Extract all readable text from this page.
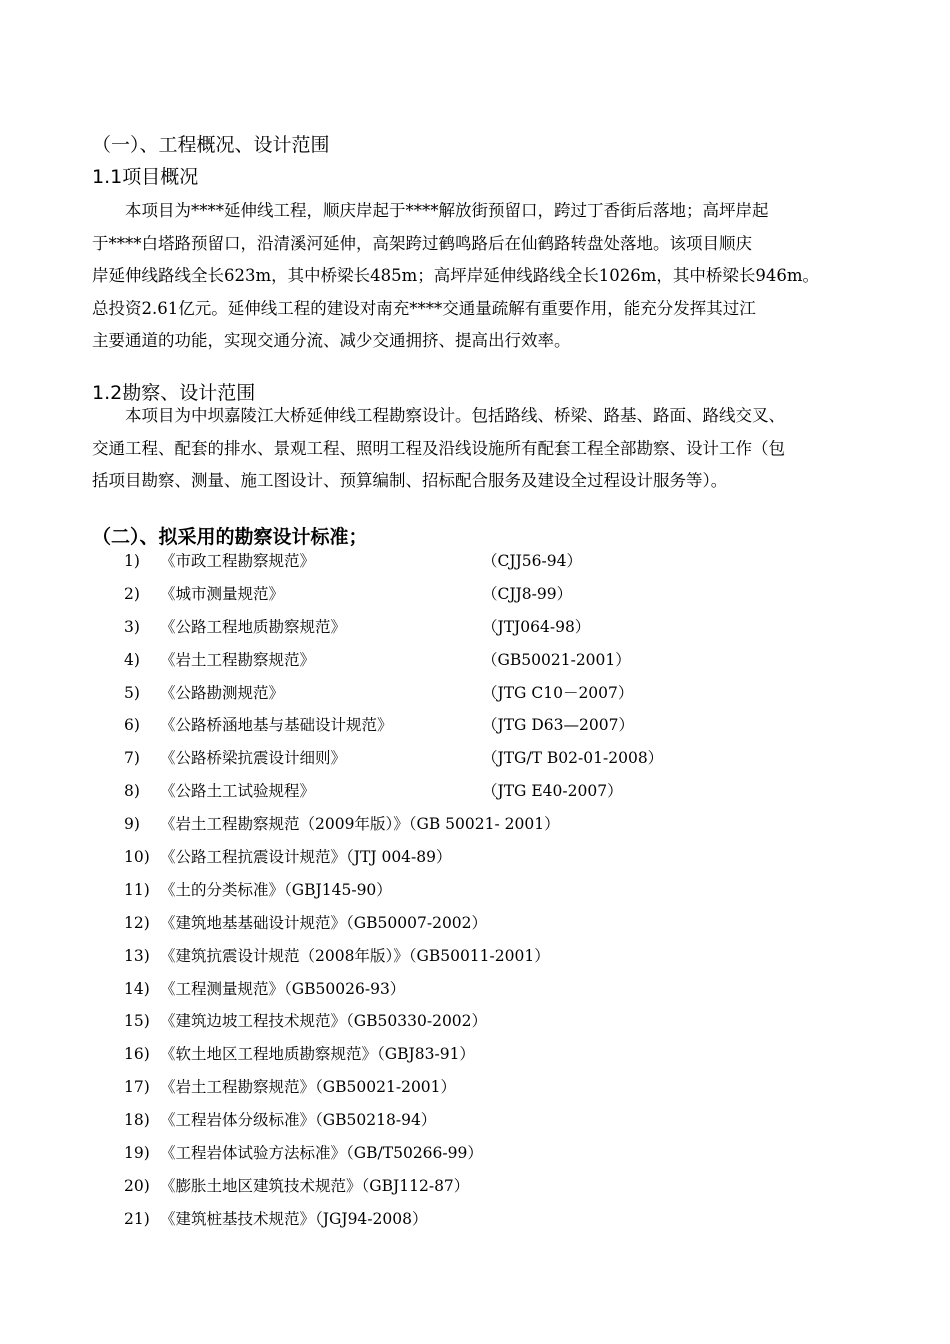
（一）、工程概况、设计范围
1.1项目概况
本项目为****延伸线工程，顺庆岸起于****解放街预留口，跨过丁香街后落地；高坪岸起
于****白塔路预留口，沿清溪河延伸，高架跨过鹤鸣路后在仙鹤路转盘处落地。该项目顺庆
岸延伸线路线全长623m，其中桥梁长485m；高坪岸延伸线路线全长1026m，其中桥梁长946m。
总投资2.61亿元。延伸线工程的建设对南充****交通量疏解有重要作用，能充分发挥其过江
主要通道的功能，实现交通分流、减少交通拥挤、提高出行效率。
1.2勘察、设计范围
本项目为中坝嘉陵江大桥延伸线工程勘察设计。包括路线、桥梁、路基、路面、路线交叉、
交通工程、配套的排水、景观工程、照明工程及沿线设施所有配套工程全部勘察、设计工作（包
括项目勘察、测量、施工图设计、预算编制、招标配合服务及建设全过程设计服务等）。
（二）、拟采用的勘察设计标准；
1) 《市政工程勘察规范》	（CJJ56-94）
2) 《城市测量规范》	（CJJ8-99）
3) 《公路工程地质勘察规范》	（JTJ064-98）
4) 《岩土工程勘察规范》	（GB50021-2001）
5) 《公路勘测规范》	（JTG C10－2007）
6) 《公路桥涵地基与基础设计规范》	（JTG D63—2007）
7) 《公路桥梁抗震设计细则》	（JTG/T B02-01-2008）
8) 《公路土工试验规程》	（JTG E40-2007）
9) 《岩土工程勘察规范（2009年版）》（GB 50021- 2001）
10) 《公路工程抗震设计规范》（JTJ 004-89）
11) 《土的分类标准》（GBJ145-90）
12) 《建筑地基基础设计规范》（GB50007-2002）
13) 《建筑抗震设计规范（2008年版）》（GB50011-2001）
14) 《工程测量规范》（GB50026-93）
15) 《建筑边坡工程技术规范》（GB50330-2002）
16) 《软土地区工程地质勘察规范》（GBJ83-91）
17) 《岩土工程勘察规范》（GB50021-2001）
18) 《工程岩体分级标准》（GB50218-94）
19) 《工程岩体试验方法标准》（GB/T50266-99）
20) 《膨胀土地区建筑技术规范》（GBJ112-87）
21) 《建筑桩基技术规范》（JGJ94-2008）
